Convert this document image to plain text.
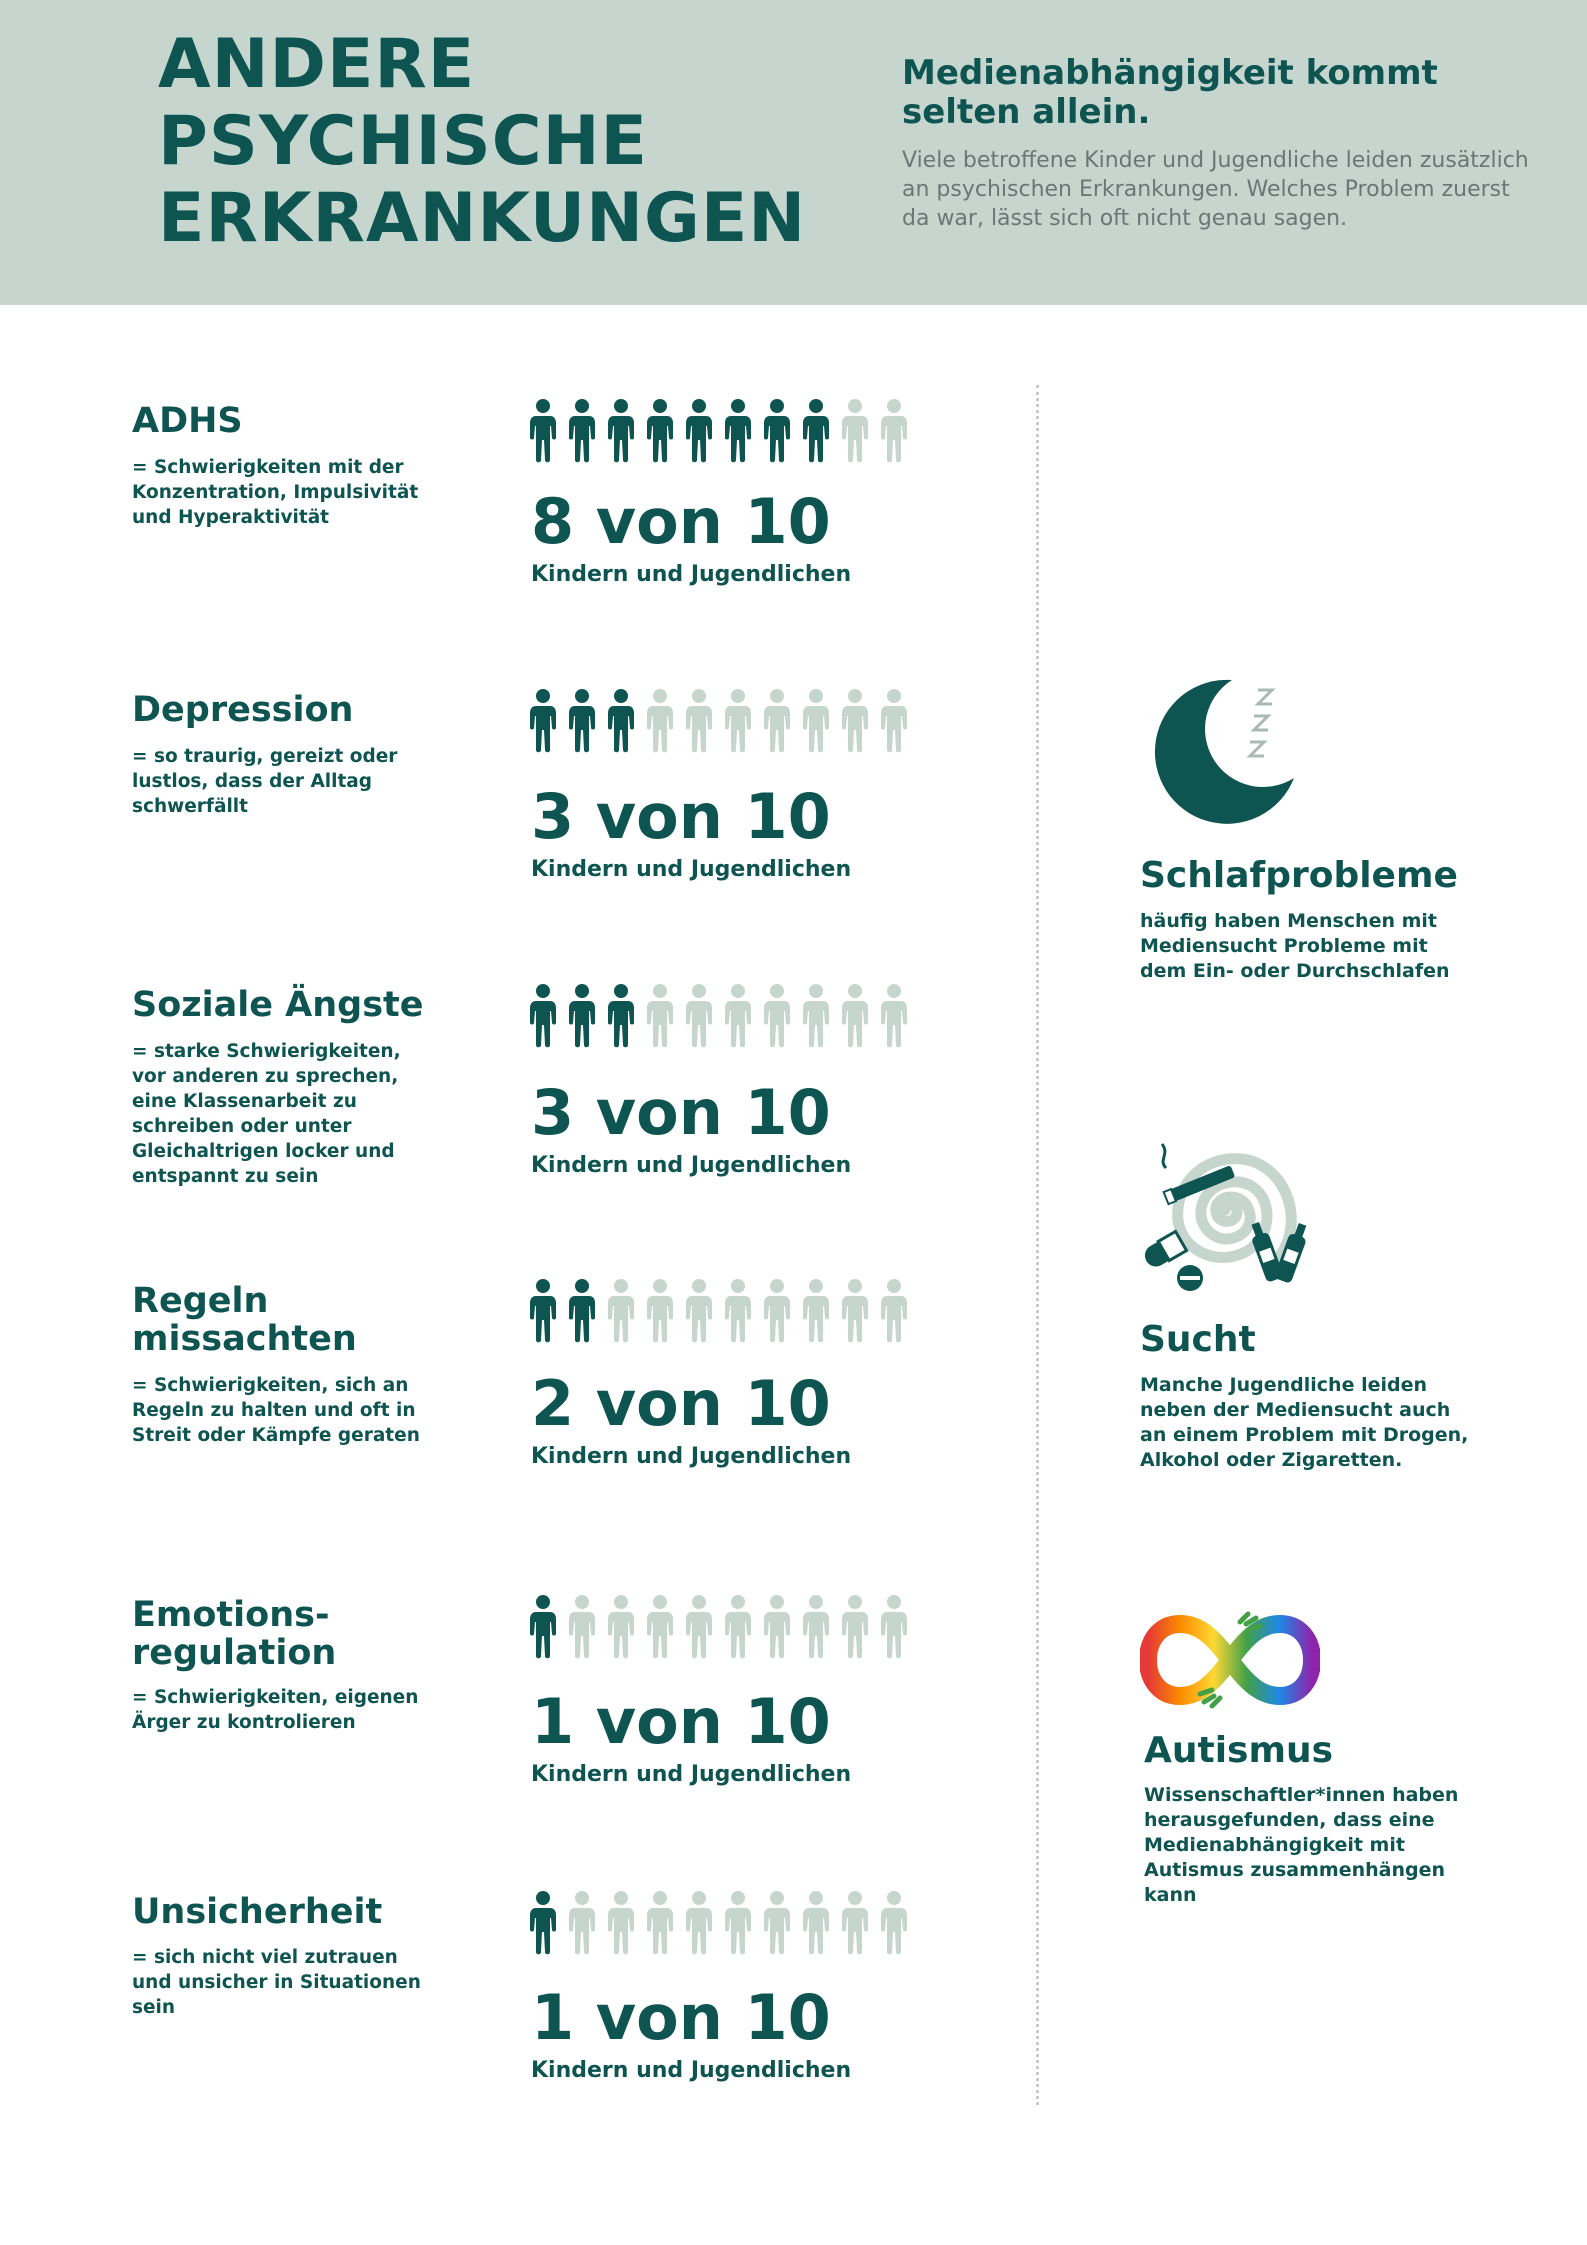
ANDERE
PSYCHISCHE
ERKRANKUNGEN
Medienabhängigkeit kommt selten allein.
Viele betroffene Kinder und Jugendliche leiden zusätzlich an psychischen Erkrankungen. Welches Problem zuerst da war, lässt sich oft nicht genau sagen.
ADHS
= Schwierigkeiten mit der Konzentration, Impulsivität und Hyperaktivität	8 von 10
Kindern und Jugendlichen
Depression
= so traurig, gereizt oder lustlos, dass der Alltag schwerfällt	3 von 10
Kindern und Jugendlichen
Soziale Ängste
= starke Schwierigkeiten, vor anderen zu sprechen, eine Klassenarbeit zu schreiben oder unter Gleichaltrigen locker und entspannt zu sein
3 von 10
Kindern und Jugendlichen
Regeln
missachten
= Schwierigkeiten, sich an Regeln zu halten und oft in Streit oder Kämpfe geraten 2 von 10
Kindern und Jugendlichen
Emotions-
regulation
= Schwierigkeiten, eigenen Ärger zu kontrolieren	1 von 10
Kindern und Jugendlichen
Unsicherheit
= sich nicht viel zutrauen und unsicher in Situationen sein	1 von 10
Kindern und Jugendlichen
Schlafprobleme
häufig haben Menschen mit Mediensucht Probleme mit dem Ein- oder Durchschlafen
Sucht
Manche Jugendliche leiden neben der Mediensucht auch an einem Problem mit Drogen, Alkohol oder Zigaretten.
Autismus
Wissenschaftler*innen haben herausgefunden, dass eine Medienabhängigkeit mit Autismus zusammenhängen kann
